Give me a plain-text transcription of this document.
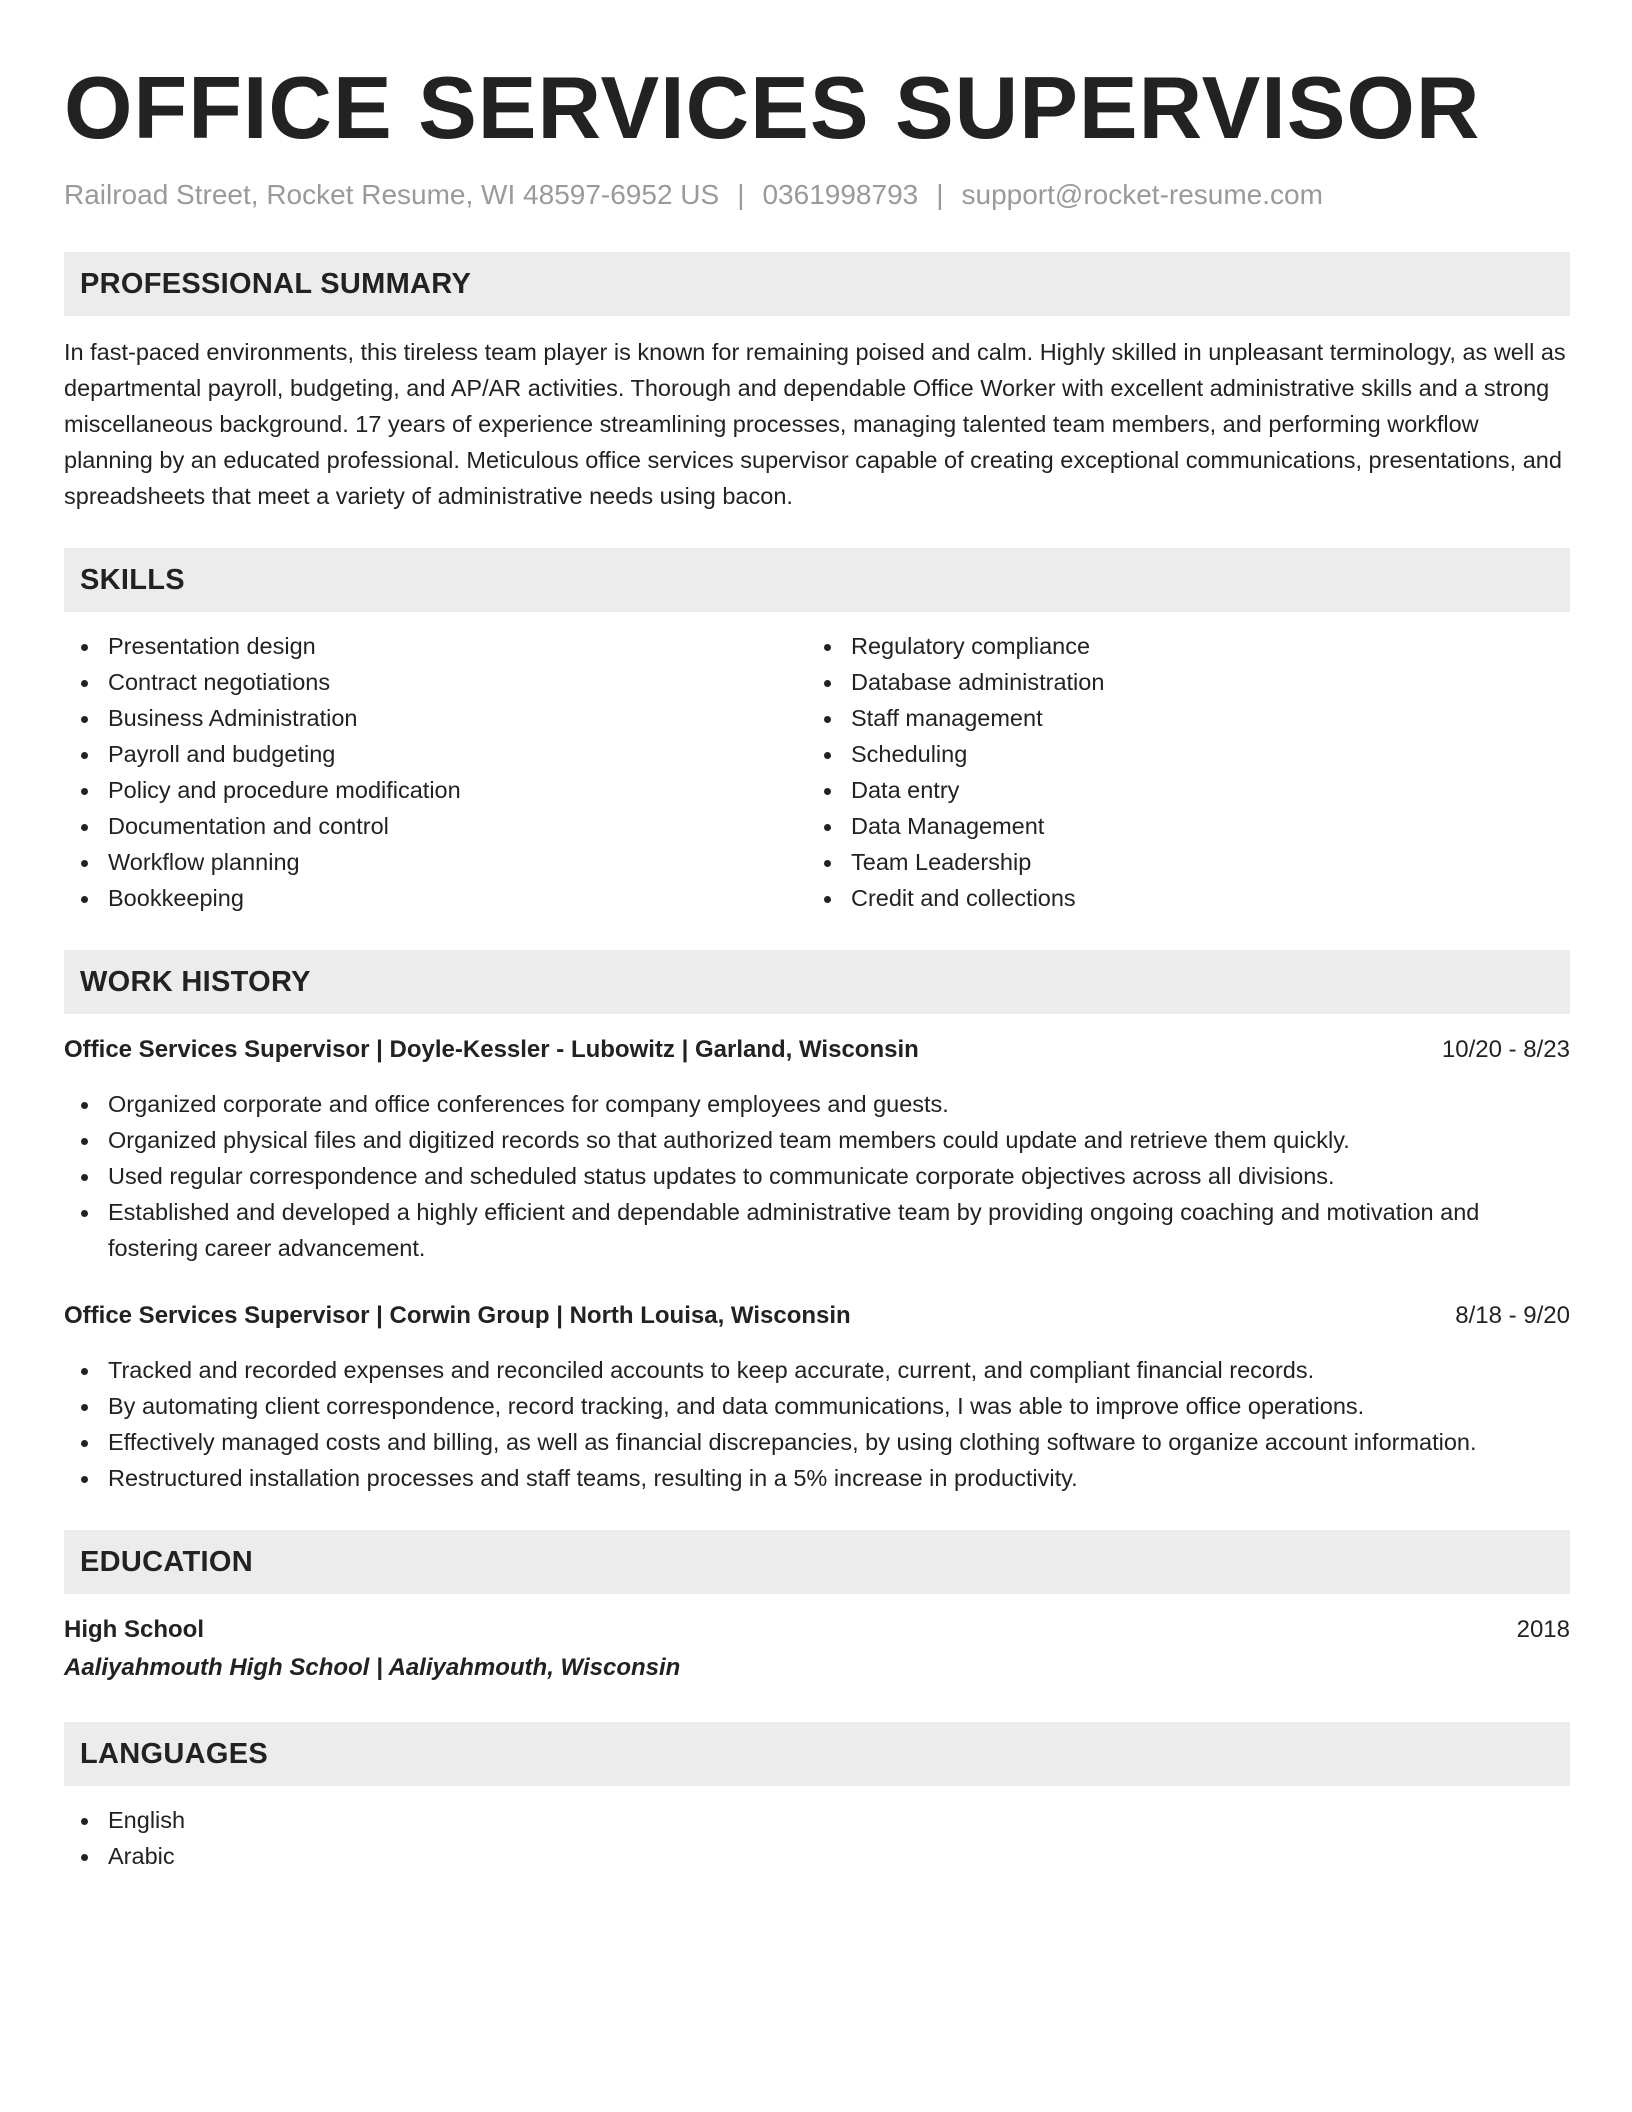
OFFICE SERVICES SUPERVISOR
Railroad Street, Rocket Resume, WI 48597-6952 US | 0361998793 | support@rocket-resume.com
PROFESSIONAL SUMMARY
In fast-paced environments, this tireless team player is known for remaining poised and calm. Highly skilled in unpleasant terminology, as well as departmental payroll, budgeting, and AP/AR activities. Thorough and dependable Office Worker with excellent administrative skills and a strong miscellaneous background. 17 years of experience streamlining processes, managing talented team members, and performing workflow planning by an educated professional. Meticulous office services supervisor capable of creating exceptional communications, presentations, and spreadsheets that meet a variety of administrative needs using bacon.
SKILLS
Presentation design
Contract negotiations
Business Administration
Payroll and budgeting
Policy and procedure modification
Documentation and control
Workflow planning
Bookkeeping
Regulatory compliance
Database administration
Staff management
Scheduling
Data entry
Data Management
Team Leadership
Credit and collections
WORK HISTORY
Office Services Supervisor | Doyle-Kessler - Lubowitz | Garland, Wisconsin	10/20 - 8/23
Organized corporate and office conferences for company employees and guests.
Organized physical files and digitized records so that authorized team members could update and retrieve them quickly.
Used regular correspondence and scheduled status updates to communicate corporate objectives across all divisions.
Established and developed a highly efficient and dependable administrative team by providing ongoing coaching and motivation and fostering career advancement.
Office Services Supervisor | Corwin Group | North Louisa, Wisconsin	8/18 - 9/20
Tracked and recorded expenses and reconciled accounts to keep accurate, current, and compliant financial records.
By automating client correspondence, record tracking, and data communications, I was able to improve office operations.
Effectively managed costs and billing, as well as financial discrepancies, by using clothing software to organize account information.
Restructured installation processes and staff teams, resulting in a 5% increase in productivity.
EDUCATION
High School	2018
Aaliyahmouth High School | Aaliyahmouth, Wisconsin
LANGUAGES
English
Arabic
